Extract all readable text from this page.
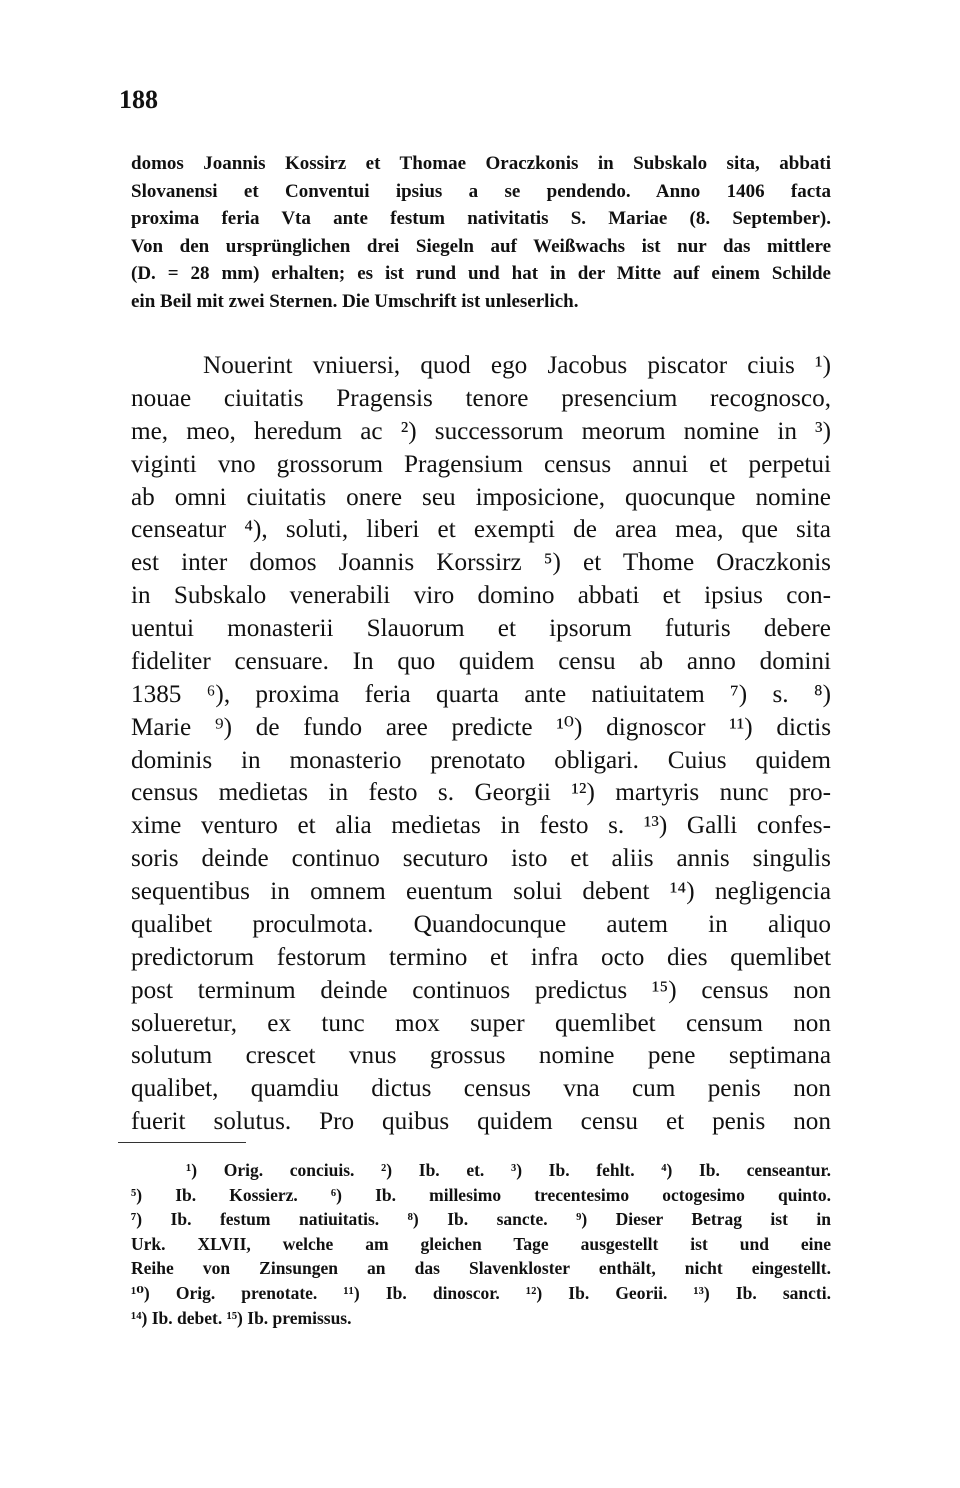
188
domos Joannis Kossirz et Thomae Oraczkonis in Subskalo sita, abbati
Slovanensi et Conventui ipsius a se pendendo. Anno 1406 facta
proxima feria Vta ante festum nativitatis S. Mariae (8. September).
Von den ursprünglichen drei Siegeln auf Weißwachs ist nur das mittlere
(D. = 28 mm) erhalten; es ist rund und hat in der Mitte auf einem Schilde
ein Beil mit zwei Sternen. Die Umschrift ist unleserlich.
Nouerint vniuersi, quod ego Jacobus piscator ciuis ¹)
nouae ciuitatis Pragensis tenore presencium recognosco,
me, meo, heredum ac ²) successorum meorum nomine in ³)
viginti vno grossorum Pragensium census annui et perpetui
ab omni ciuitatis onere seu imposicione, quocunque nomine
censeatur ⁴), soluti, liberi et exempti de area mea, que sita
est inter domos Joannis Korssirz ⁵) et Thome Oraczkonis
in Subskalo venerabili viro domino abbati et ipsius con-
uentui monasterii Slauorum et ipsorum futuris debere
fideliter censuare. In quo quidem censu ab anno domini
1385 ⁶), proxima feria quarta ante natiuitatem ⁷) s. ⁸)
Marie ⁹) de fundo aree predicte ¹⁰) dignoscor ¹¹) dictis
dominis in monasterio prenotato obligari. Cuius quidem
census medietas in festo s. Georgii ¹²) martyris nunc pro-
xime venturo et alia medietas in festo s. ¹³) Galli confes-
soris deinde continuo secuturo isto et aliis annis singulis
sequentibus in omnem euentum solui debent ¹⁴) negligencia
qualibet proculmota. Quandocunque autem in aliquo
predictorum festorum termino et infra octo dies quemlibet
post terminum deinde continuos predictus ¹⁵) census non
solueretur, ex tunc mox super quemlibet censum non
solutum crescet vnus grossus nomine pene septimana
qualibet, quamdiu dictus census vna cum penis non
fuerit solutus. Pro quibus quidem censu et penis non
¹) Orig. conciuis. ²) Ib. et. ³) Ib. fehlt. ⁴) Ib. censeantur.
⁵) Ib. Kossierz. ⁶) Ib. millesimo trecentesimo octogesimo quinto.
⁷) Ib. festum natiuitatis. ⁸) Ib. sancte. ⁹) Dieser Betrag ist in
Urk. XLVII, welche am gleichen Tage ausgestellt ist und eine
Reihe von Zinsungen an das Slavenkloster enthält, nicht eingestellt.
¹⁰) Orig. prenotate. ¹¹) Ib. dinoscor. ¹²) Ib. Georii. ¹³) Ib. sancti.
¹⁴) Ib. debet. ¹⁵) Ib. premissus.
